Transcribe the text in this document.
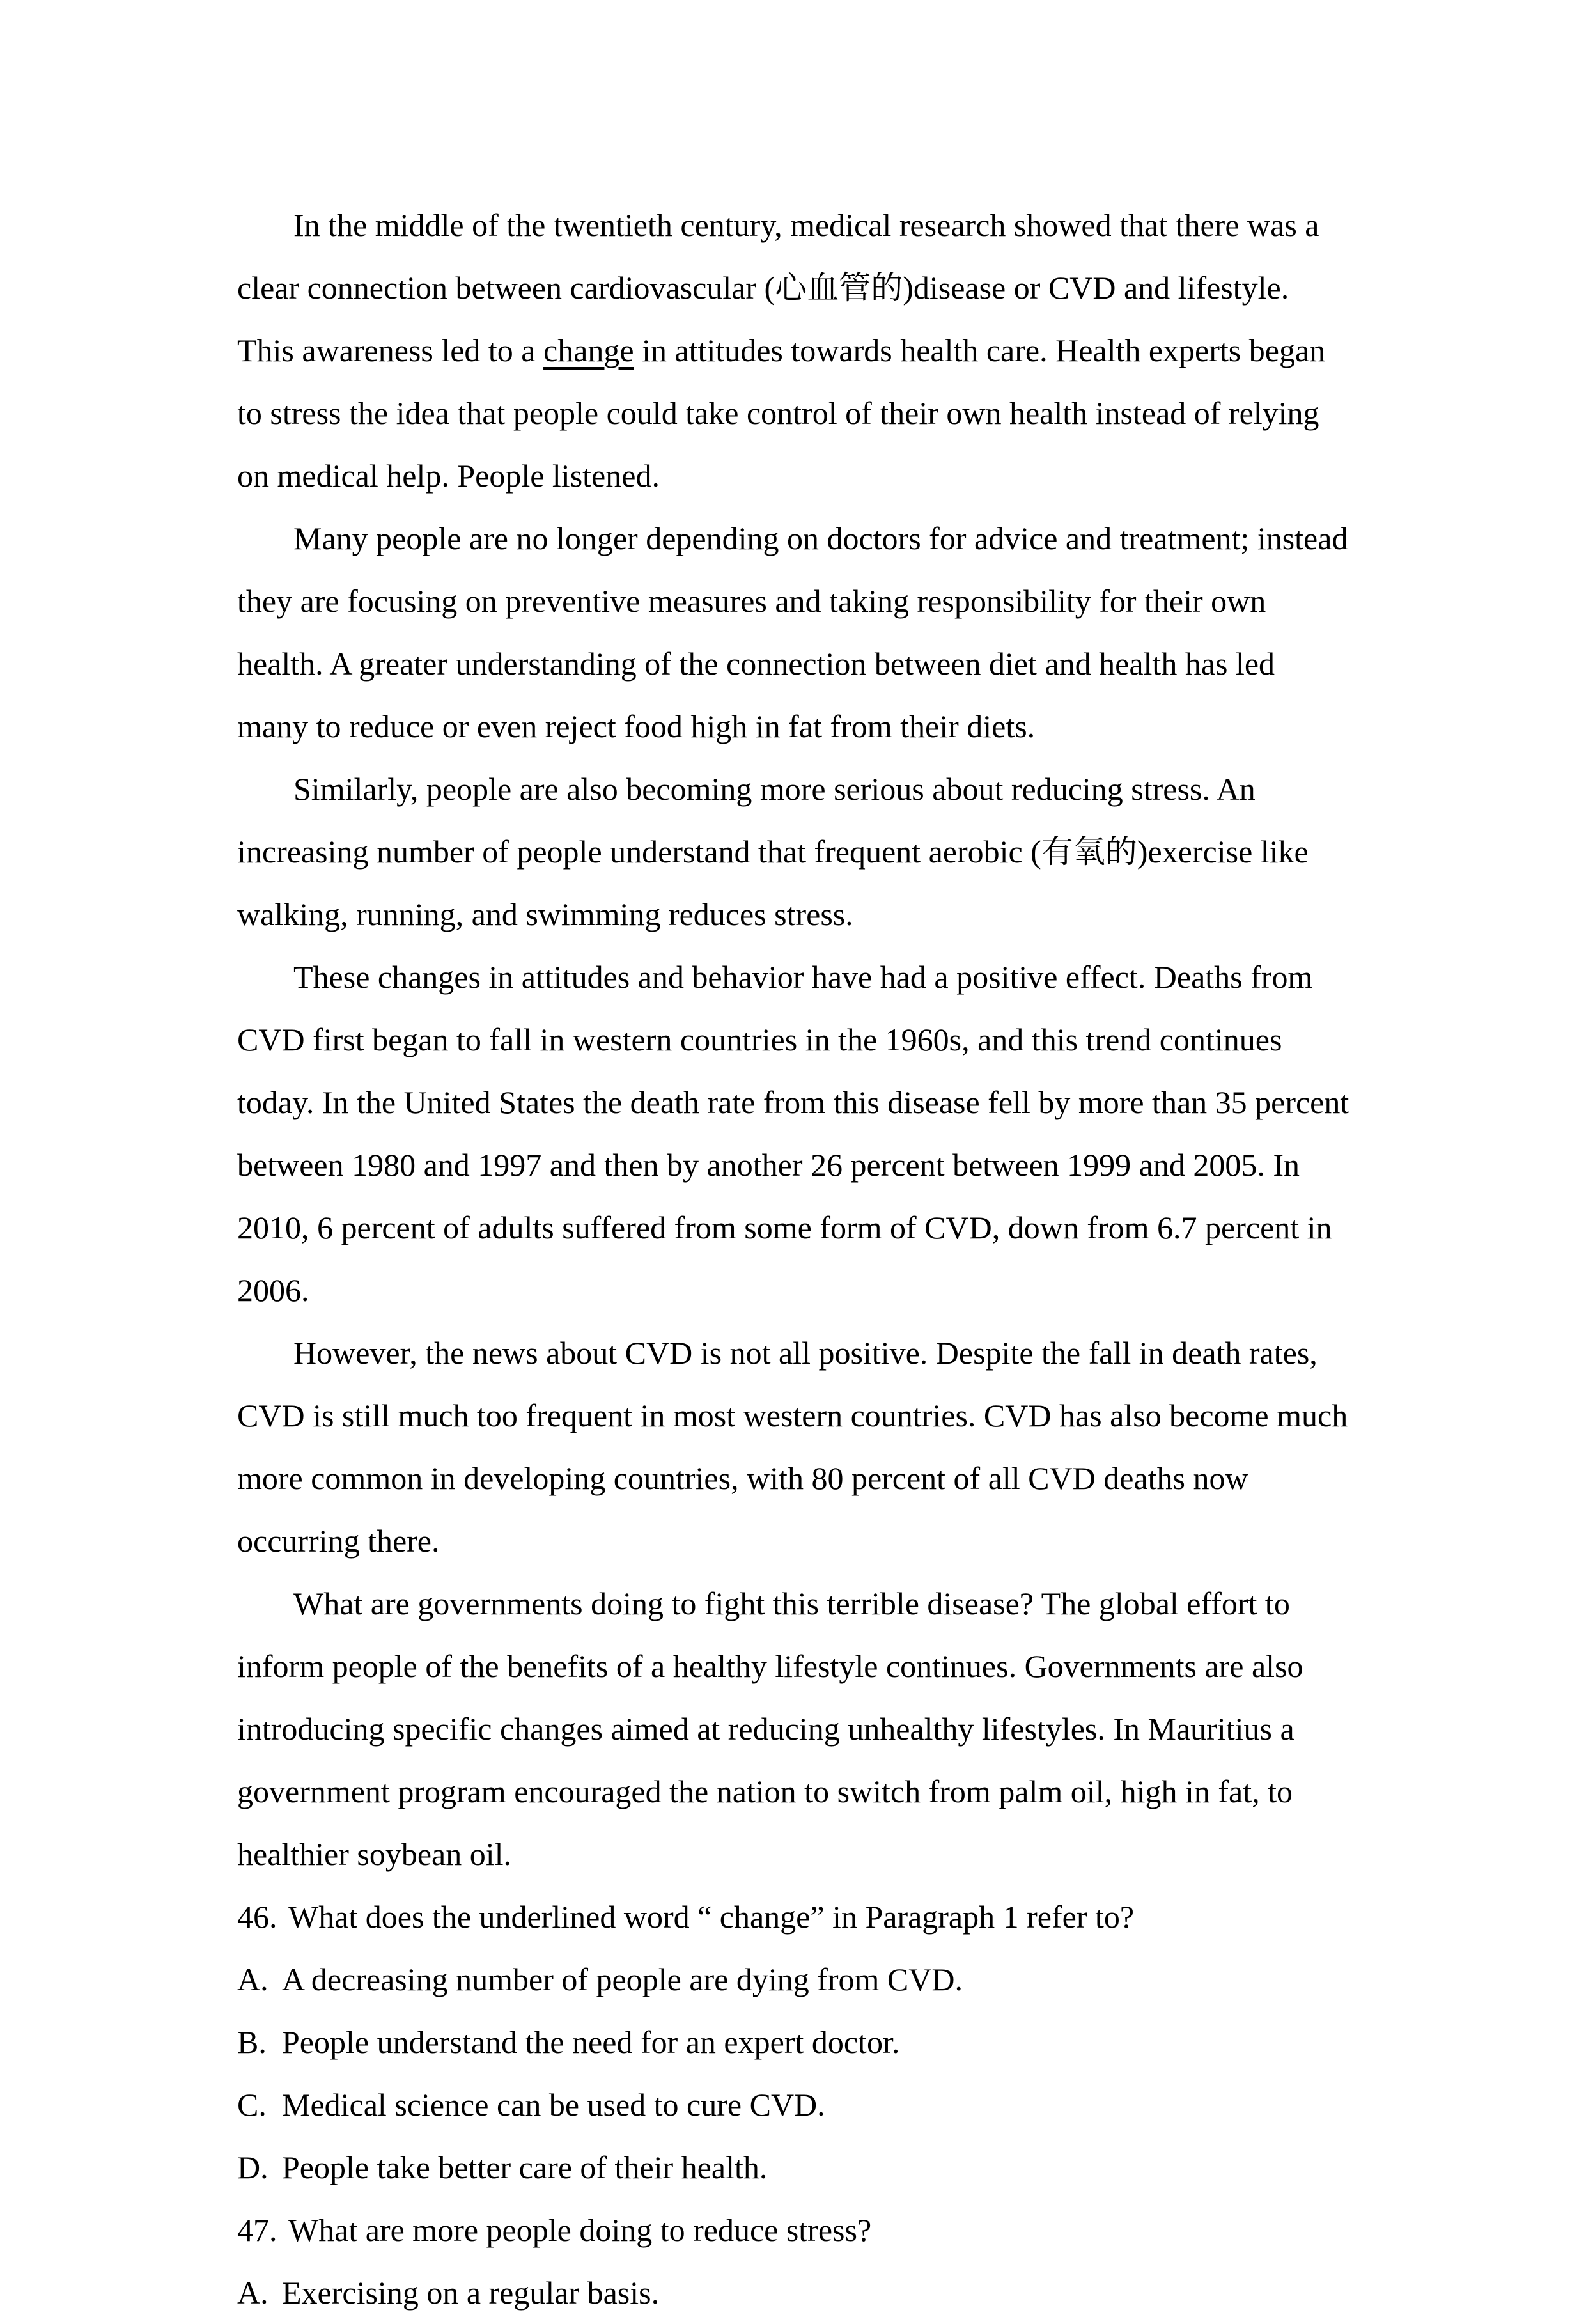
In the middle of the twentieth century, medical research showed that there was a clear connection between cardiovascular (心血管的)disease or CVD and lifestyle. This awareness led to a change in attitudes towards health care. Health experts began to stress the idea that people could take control of their own health instead of relying on medical help. People listened.

Many people are no longer depending on doctors for advice and treatment; instead they are focusing on preventive measures and taking responsibility for their own health. A greater understanding of the connection between diet and health has led many to reduce or even reject food high in fat from their diets.

Similarly, people are also becoming more serious about reducing stress. An increasing number of people understand that frequent aerobic (有氧的)exercise like walking, running, and swimming reduces stress.

These changes in attitudes and behavior have had a positive effect. Deaths from CVD first began to fall in western countries in the 1960s, and this trend continues today. In the United States the death rate from this disease fell by more than 35 percent between 1980 and 1997 and then by another 26 percent between 1999 and 2005. In 2010, 6 percent of adults suffered from some form of CVD, down from 6.7 percent in 2006.

However, the news about CVD is not all positive. Despite the fall in death rates, CVD is still much too frequent in most western countries. CVD has also become much more common in developing countries, with 80 percent of all CVD deaths now occurring there.

What are governments doing to fight this terrible disease? The global effort to inform people of the benefits of a healthy lifestyle continues. Governments are also introducing specific changes aimed at reducing unhealthy lifestyles. In Mauritius a government program encouraged the nation to switch from palm oil, high in fat, to healthier soybean oil.

46. What does the underlined word “ change” in Paragraph 1 refer to?

A. A decreasing number of people are dying from CVD.

B. People understand the need for an expert doctor.

C. Medical science can be used to cure CVD.

D. People take better care of their health.

47. What are more people doing to reduce stress?

A. Exercising on a regular basis.
